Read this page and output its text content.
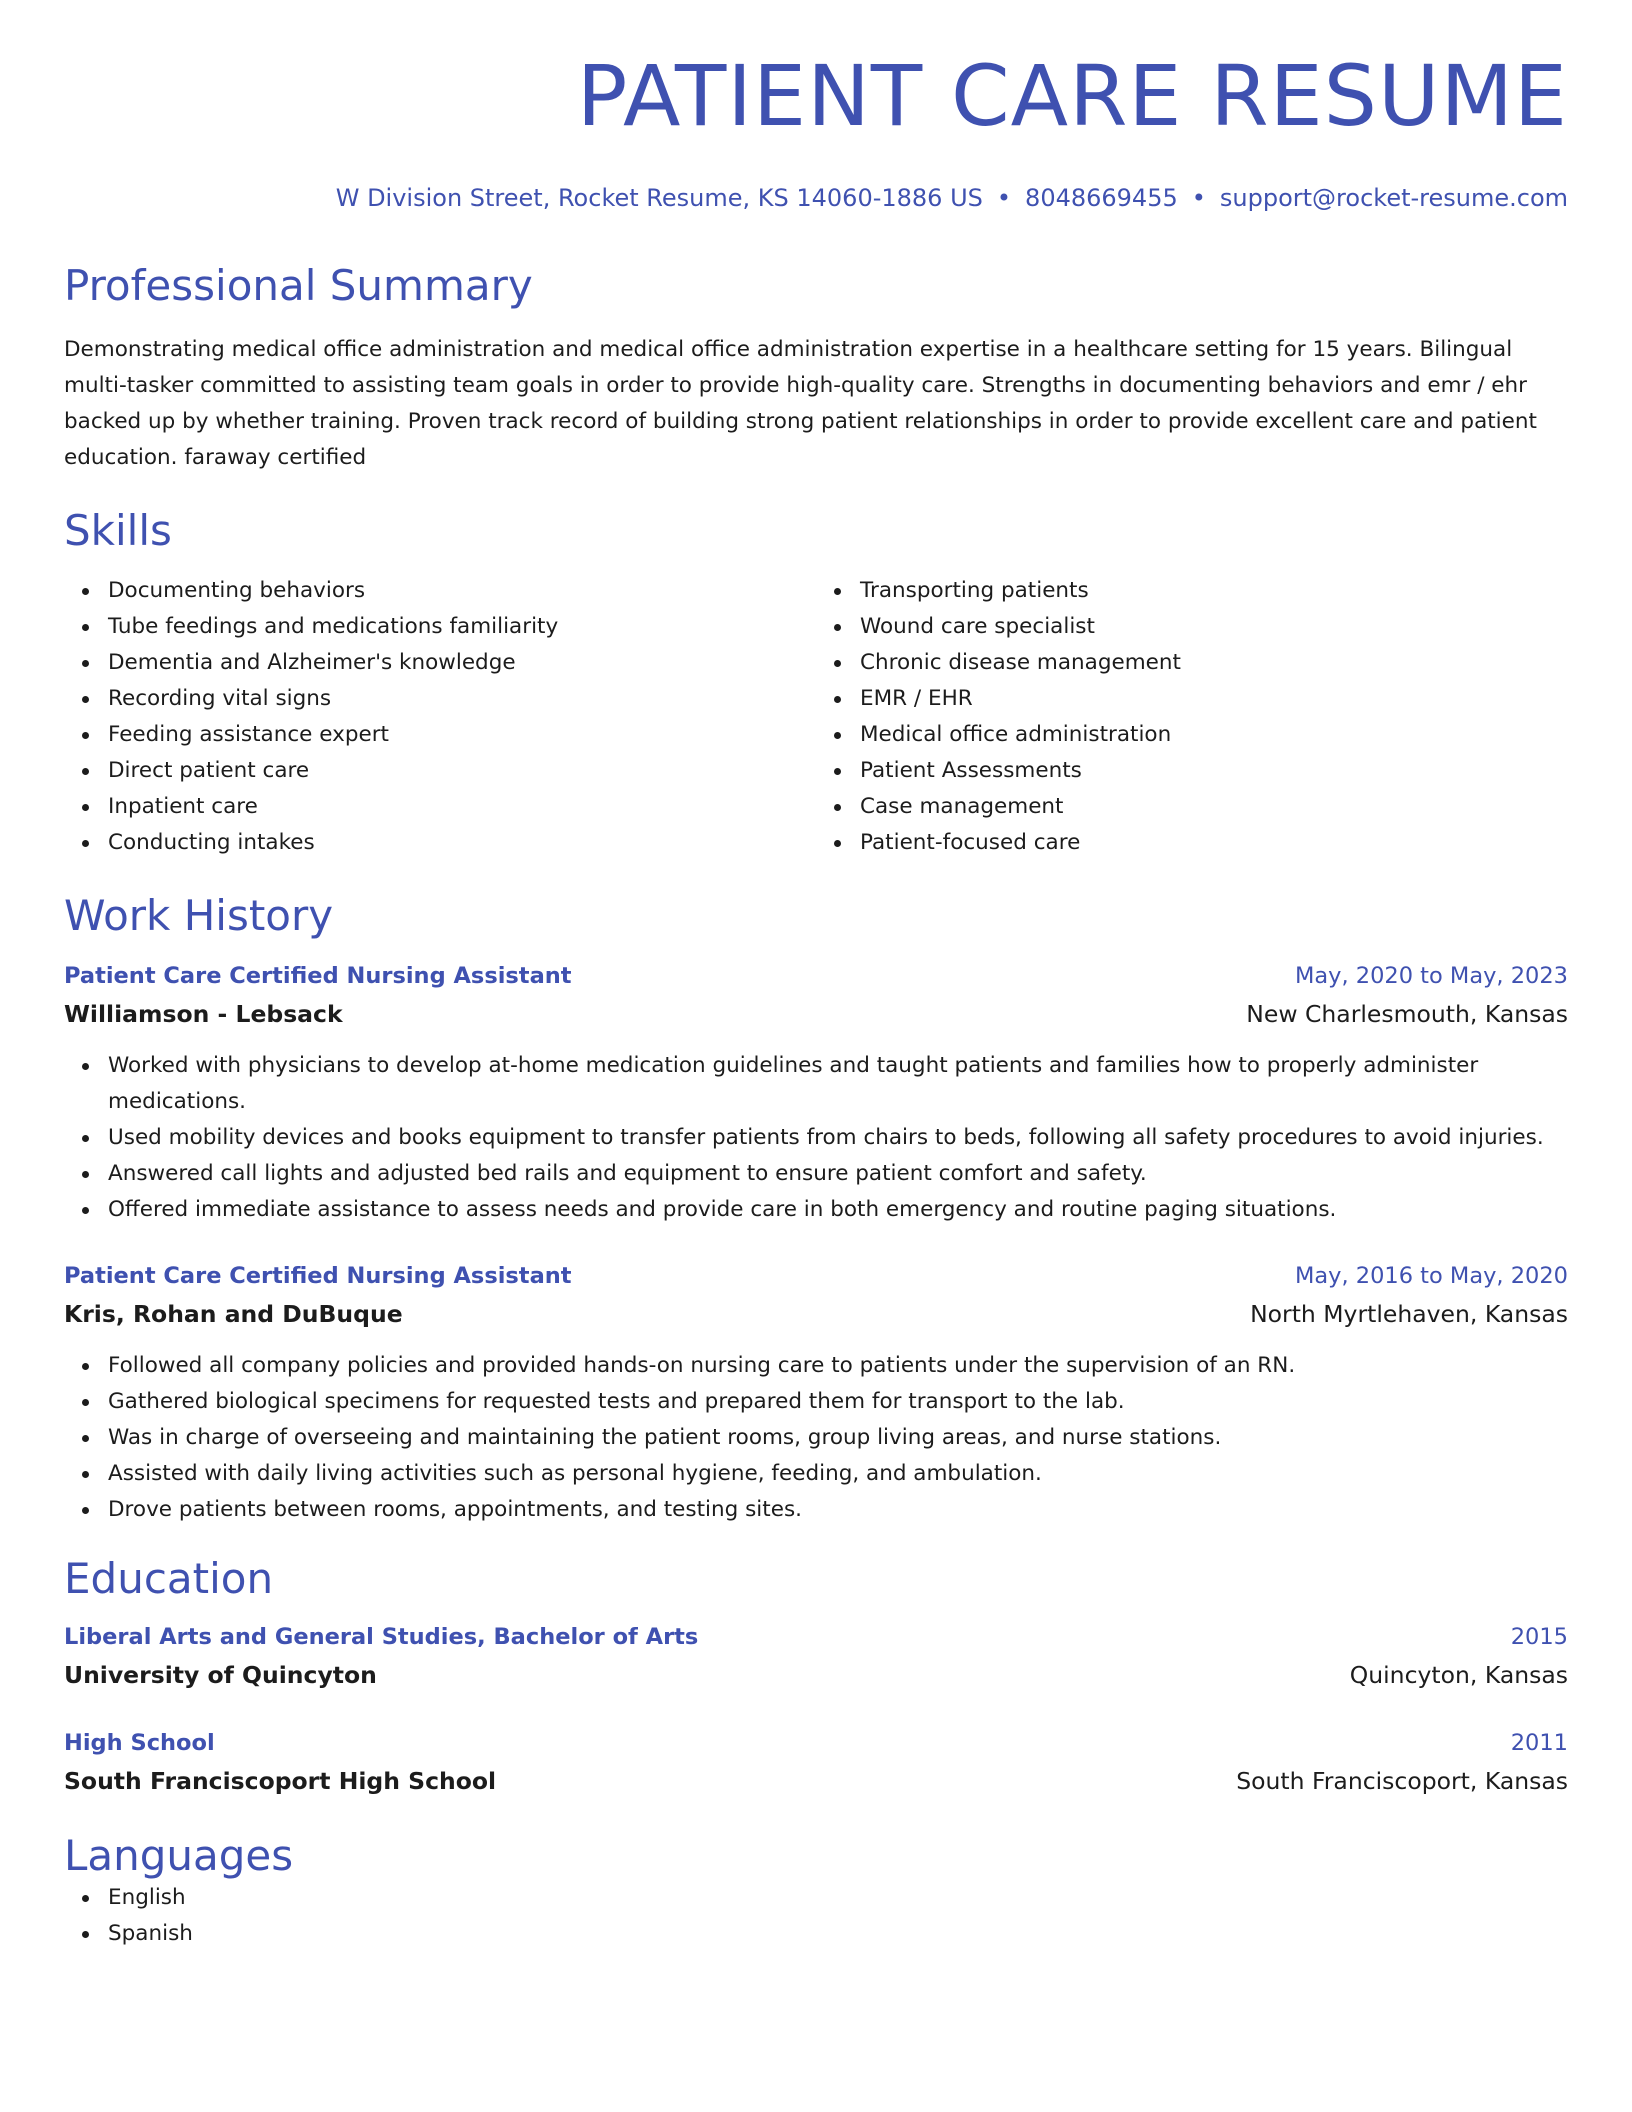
PATIENT CARE RESUME
W Division Street, Rocket Resume, KS 14060-1886 US • 8048669455 • support@rocket-resume.com
Professional Summary
Demonstrating medical office administration and medical office administration expertise in a healthcare setting for 15 years. Bilingual multi-tasker committed to assisting team goals in order to provide high-quality care. Strengths in documenting behaviors and emr / ehr backed up by whether training. Proven track record of building strong patient relationships in order to provide excellent care and patient education. faraway certified
Skills
Documenting behaviors
Tube feedings and medications familiarity
Dementia and Alzheimer's knowledge
Recording vital signs
Feeding assistance expert
Direct patient care
Inpatient care
Conducting intakes
Transporting patients
Wound care specialist
Chronic disease management
EMR / EHR
Medical office administration
Patient Assessments
Case management
Patient-focused care
Work History
Patient Care Certified Nursing Assistant	May, 2020 to May, 2023
Williamson - Lebsack	New Charlesmouth, Kansas
Worked with physicians to develop at-home medication guidelines and taught patients and families how to properly administer medications.
Used mobility devices and books equipment to transfer patients from chairs to beds, following all safety procedures to avoid injuries.
Answered call lights and adjusted bed rails and equipment to ensure patient comfort and safety.
Offered immediate assistance to assess needs and provide care in both emergency and routine paging situations.
Patient Care Certified Nursing Assistant	May, 2016 to May, 2020
Kris, Rohan and DuBuque	North Myrtlehaven, Kansas
Followed all company policies and provided hands-on nursing care to patients under the supervision of an RN.
Gathered biological specimens for requested tests and prepared them for transport to the lab.
Was in charge of overseeing and maintaining the patient rooms, group living areas, and nurse stations.
Assisted with daily living activities such as personal hygiene, feeding, and ambulation.
Drove patients between rooms, appointments, and testing sites.
Education
Liberal Arts and General Studies, Bachelor of Arts	2015
University of Quincyton	Quincyton, Kansas
High School	2011
South Franciscoport High School	South Franciscoport, Kansas
Languages
English
Spanish
